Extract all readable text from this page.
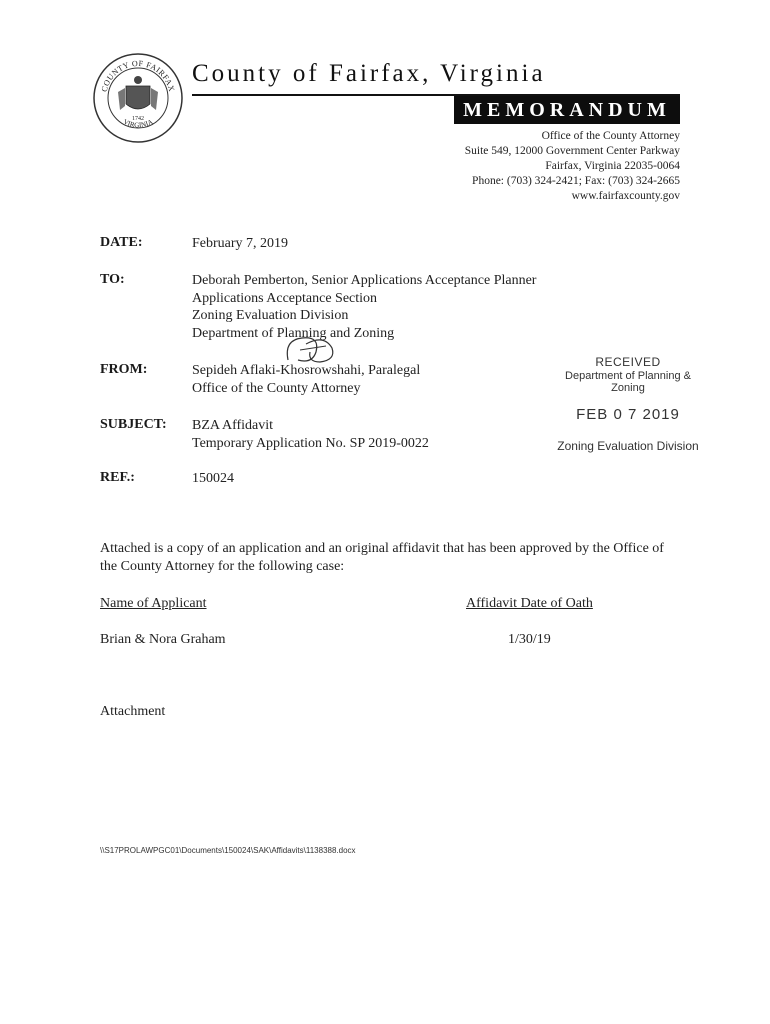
COUNTY OF FAIRFAX
VIRGINIA
1742
County of Fairfax, Virginia
MEMORANDUM
Office of the County Attorney
Suite 549, 12000 Government Center Parkway
Fairfax, Virginia 22035-0064
Phone: (703) 324-2421; Fax: (703) 324-2665
www.fairfaxcounty.gov
DATE:	February 7, 2019
TO:	Deborah Pemberton, Senior Applications Acceptance Planner
Applications Acceptance Section
Zoning Evaluation Division
Department of Planning and Zoning
FROM:	Sepideh Aflaki-Khosrowshahi, Paralegal
Office of the County Attorney
RECEIVED
Department of Planning & Zoning
FEB 0 7 2019
Zoning Evaluation Division
SUBJECT: BZA Affidavit
Temporary Application No. SP 2019-0022
REF.:	150024
Attached is a copy of an application and an original affidavit that has been approved by the Office of the County Attorney for the following case:
Name of Applicant	Affidavit Date of Oath
Brian & Nora Graham	1/30/19
Attachment
\\S17PROLAWPGC01\Documents\150024\SAK\Affidavits\1138388.docx
